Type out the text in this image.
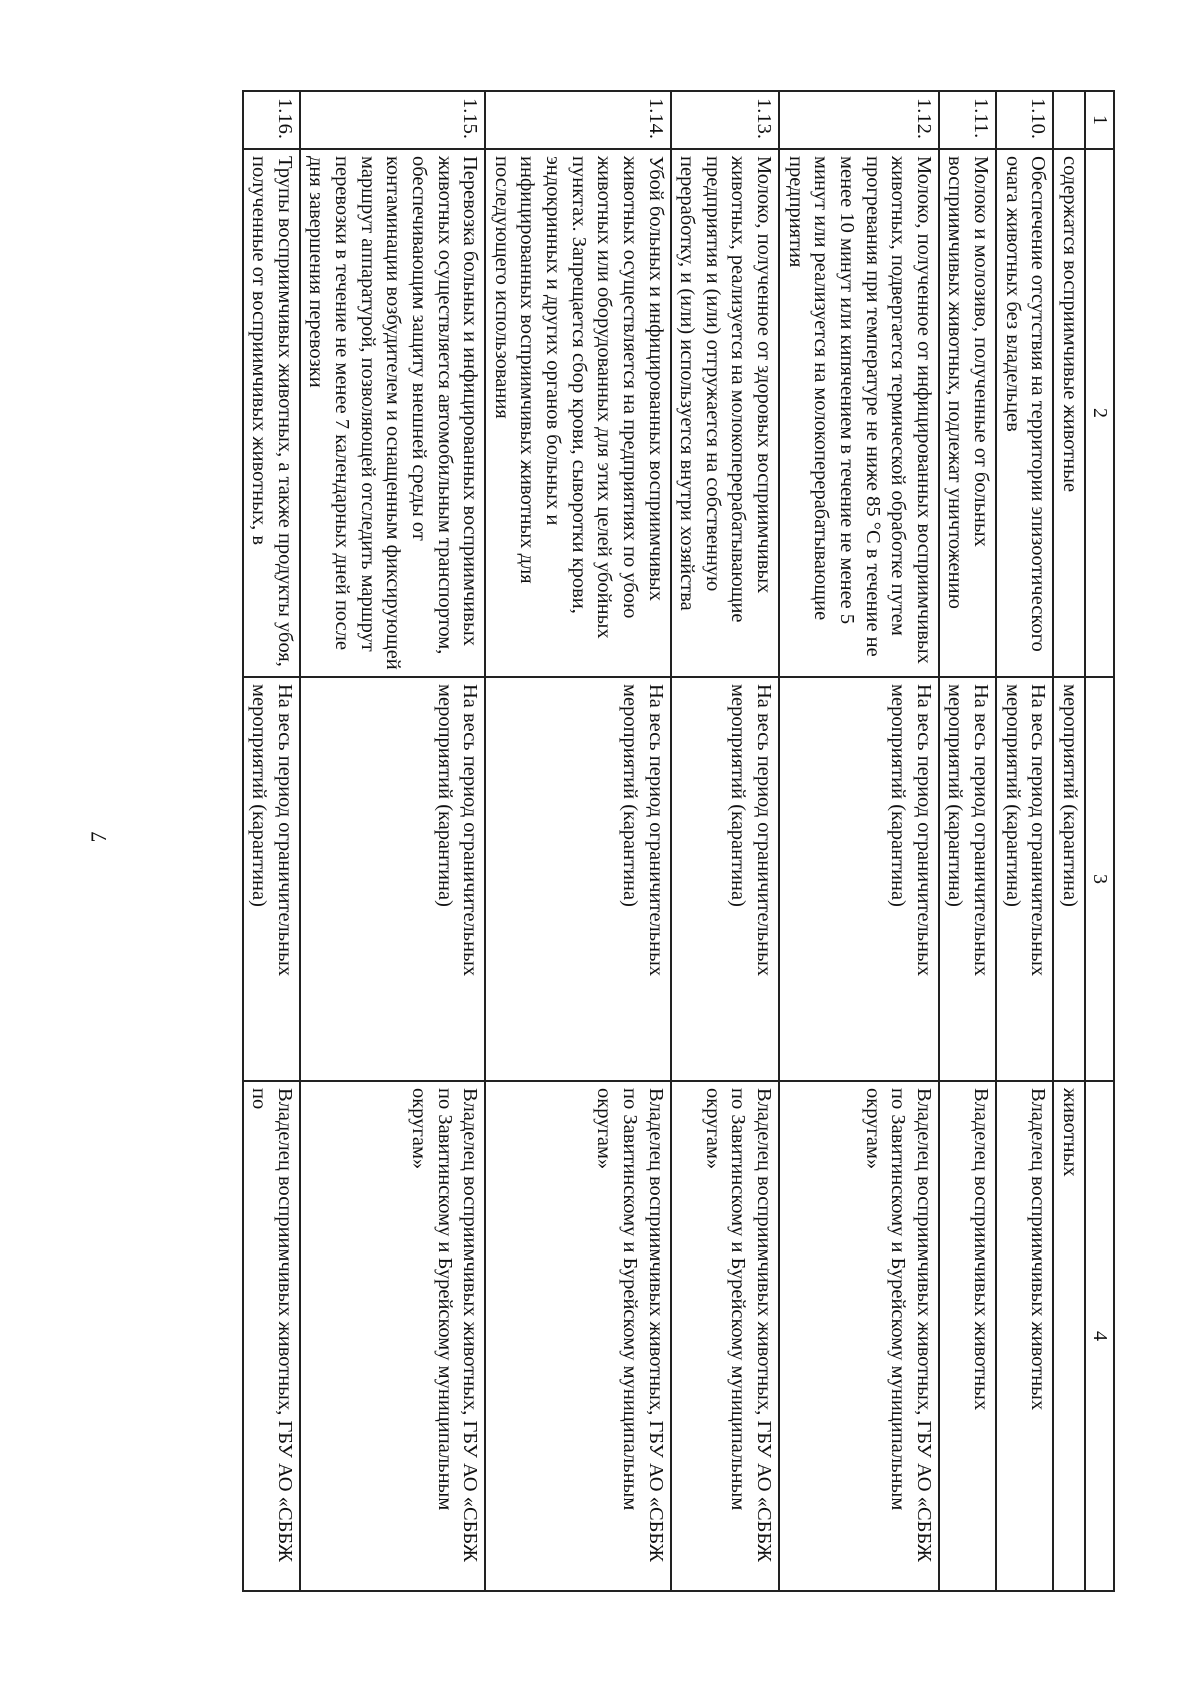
7
1	2	3	4
	содержатся восприимчивые животные	мероприятий (карантина)	животных
1.10.	Обеспечение отсутствия на территории эпизоотического очага животных без владельцев	На весь период ограничительных мероприятий (карантина)	Владелец восприимчивых животных
1.11.	Молоко и молозиво, полученные от больных восприимчивых животных, подлежат уничтожению	На весь период ограничительных мероприятий (карантина)	Владелец восприимчивых животных
1.12.	Молоко, полученное от инфицированных восприимчивых животных, подвергается термической обработке путем прогревания при температуре не ниже 85 °С в течение не менее 10 минут или кипячением в течение не менее 5 минут или реализуется на молокоперерабатывающие предприятия	На весь период ограничительных мероприятий (карантина)	Владелец восприимчивых животных, ГБУ АО «СББЖ по Завитинскому и Бурейскому муниципальным округам»
1.13.	Молоко, полученное от здоровых восприимчивых животных, реализуется на молокоперерабатывающие предприятия и (или) отгружается на собственную переработку, и (или) используется внутри хозяйства	На весь период ограничительных мероприятий (карантина)	Владелец восприимчивых животных, ГБУ АО «СББЖ по Завитинскому и Бурейскому муниципальным округам»
1.14.	Убой больных и инфицированных восприимчивых животных осуществляется на предприятиях по убою животных или оборудованных для этих целей убойных пунктах. Запрещается сбор крови, сыворотки крови, эндокринных и других органов больных и инфицированных восприимчивых животных для последующего использования	На весь период ограничительных мероприятий (карантина)	Владелец восприимчивых животных, ГБУ АО «СББЖ по Завитинскому и Бурейскому муниципальным округам»
1.15.	Перевозка больных и инфицированных восприимчивых животных осуществляется автомобильным транспортом, обеспечивающим защиту внешней среды от контаминации возбудителем и оснащенным фиксирующей маршрут аппаратурой, позволяющей отследить маршрут перевозки в течение не менее 7 календарных дней после дня завершения перевозки	На весь период ограничительных мероприятий (карантина)	Владелец восприимчивых животных, ГБУ АО «СББЖ по Завитинскому и Бурейскому муниципальным округам»
1.16.	Трупы восприимчивых животных, а также продукты убоя, полученные от восприимчивых животных, в	На весь период ограничительных мероприятий (карантина)	Владелец восприимчивых животных, ГБУ АО «СББЖ по
